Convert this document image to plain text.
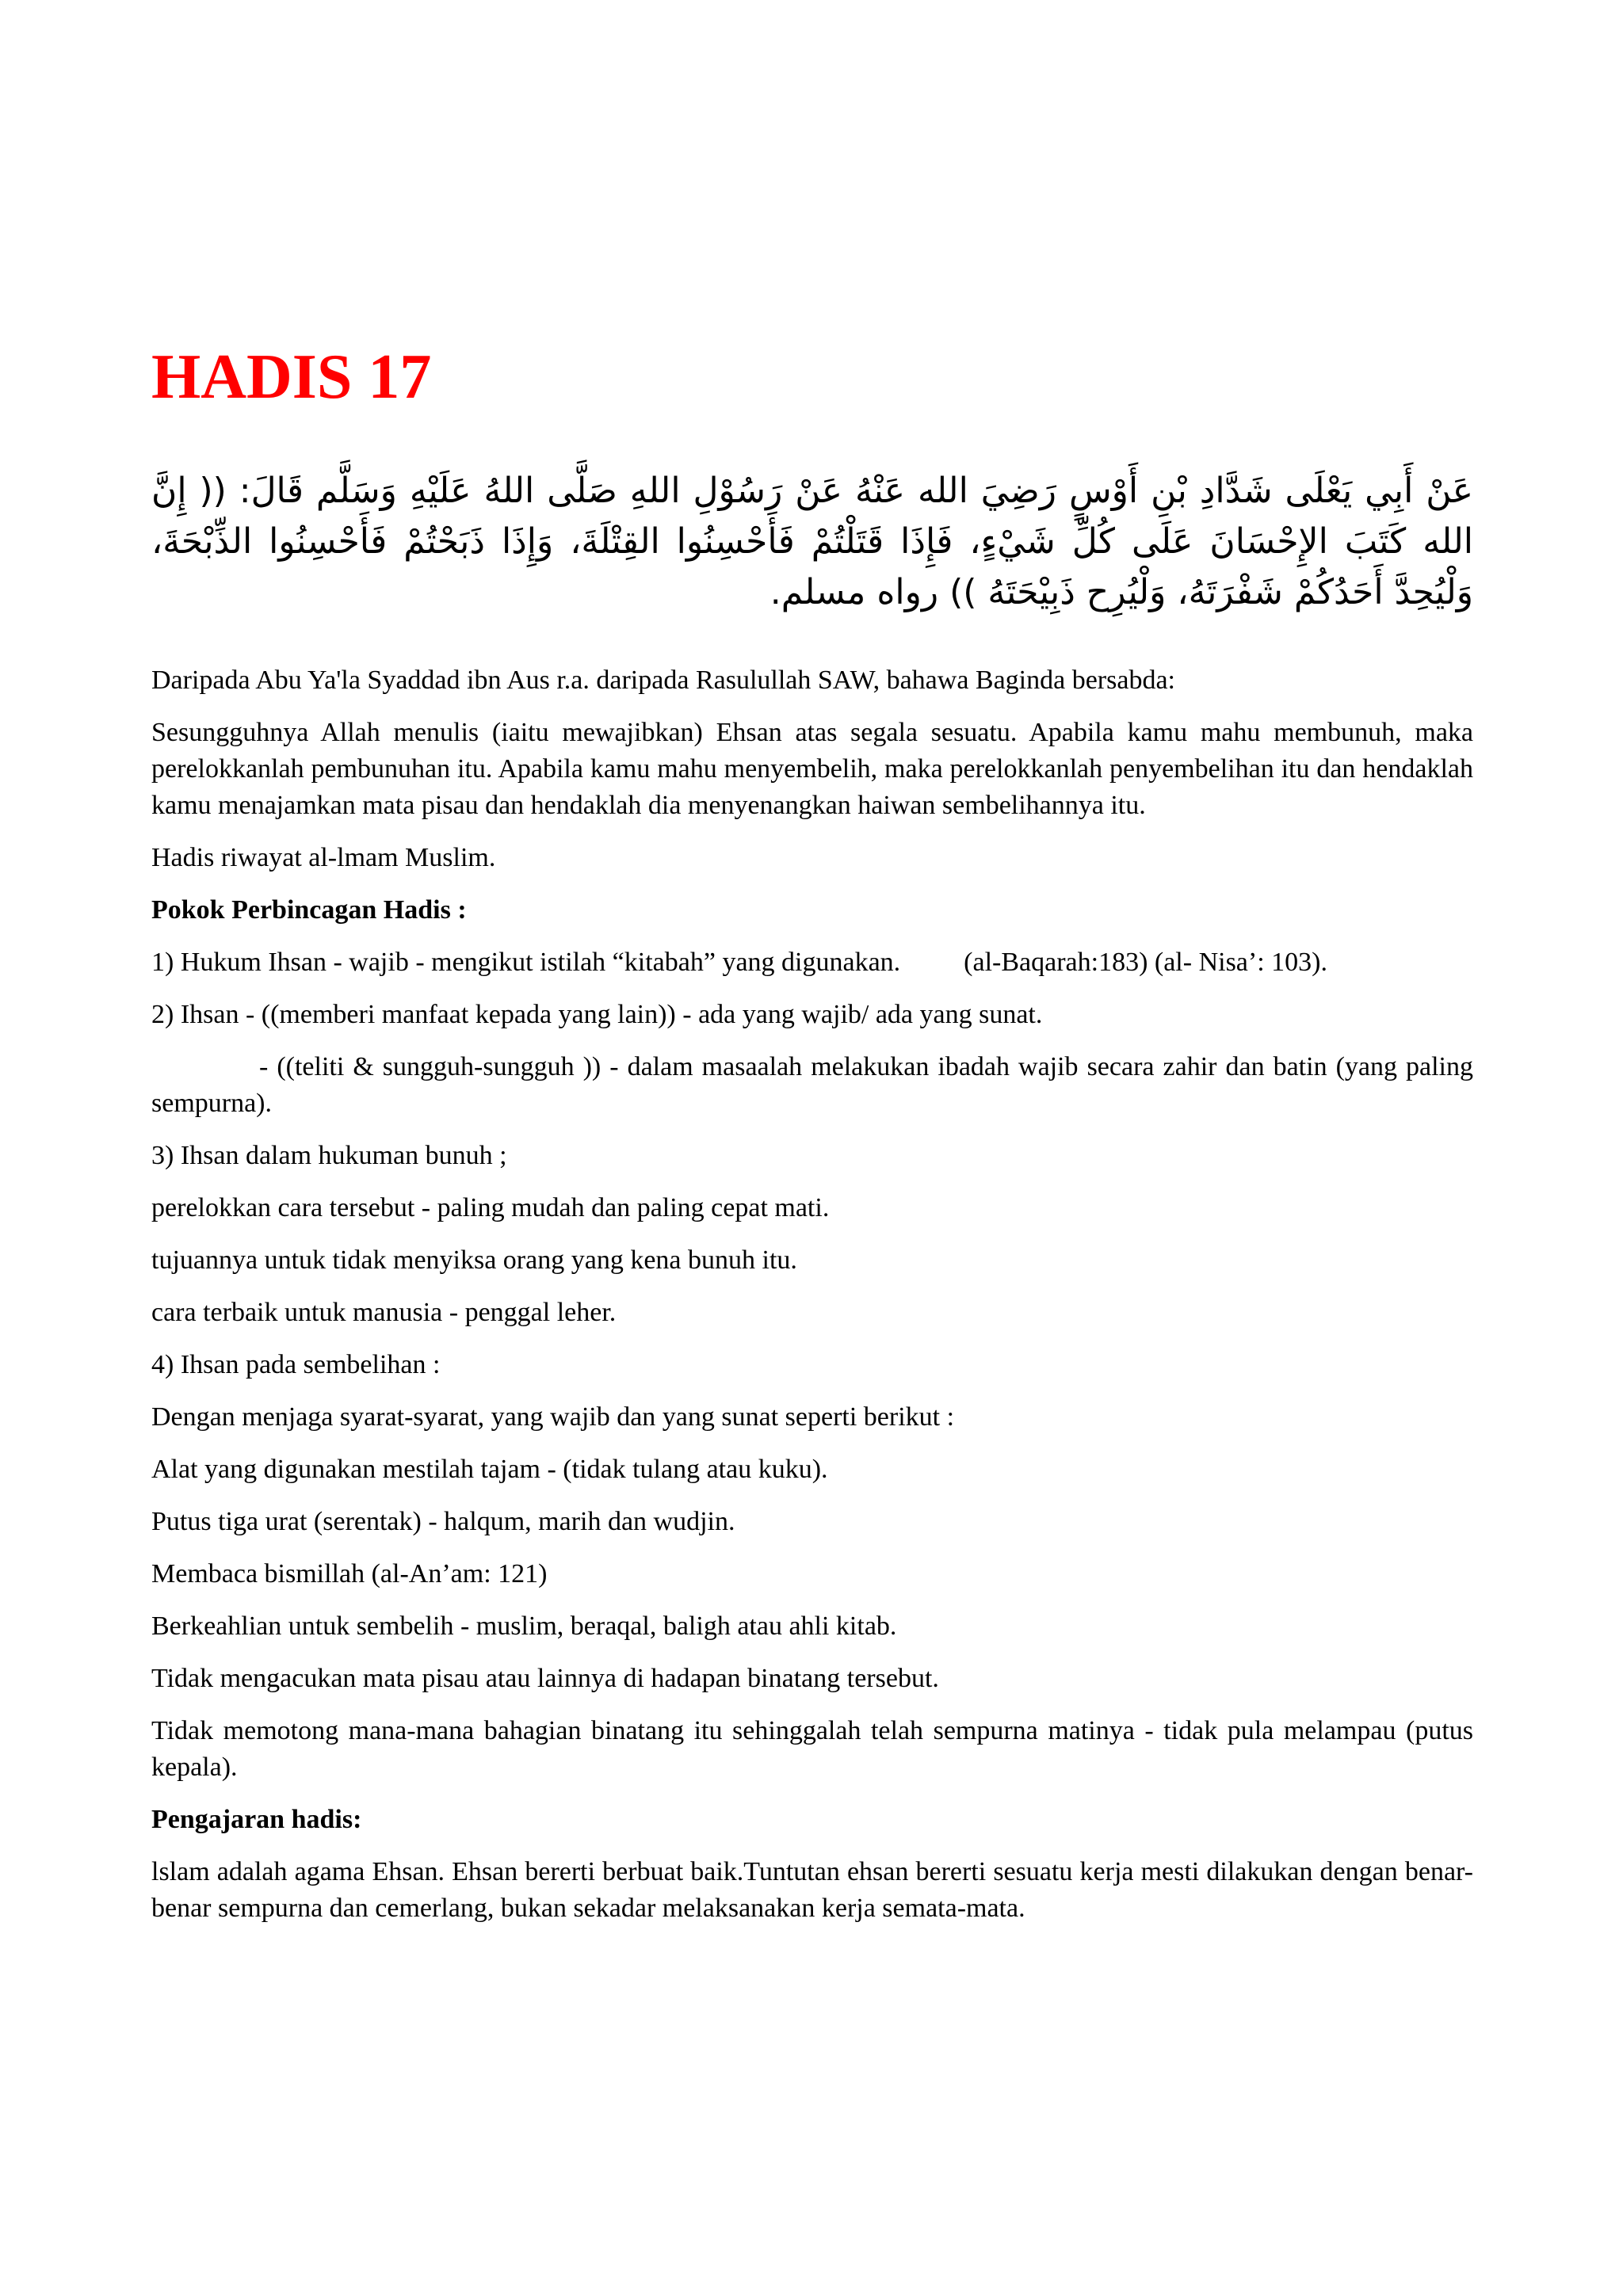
HADIS 17

عَنْ أَبِي يَعْلَى شَدَّادِ بْنِ أَوْسٍ رَضِيَ الله عَنْهُ عَنْ رَسُوْلِ اللهِ صَلَّى اللهُ عَلَيْهِ وَسَلَّم قَالَ: (( إِنَّ الله كَتَبَ الإِحْسَانَ عَلَى كُلِّ شَيْءٍ، فَإِذَا قَتَلْتُمْ فَأَحْسِنُوا القِتْلَةَ، وَإِذَا ذَبَحْتُمْ فَأَحْسِنُوا الذِّبْحَةَ، وَلْيُحِدَّ أَحَدُكُمْ شَفْرَتَهُ، وَلْيُرِح ذَبِيْحَتَهُ )) رواه مسلم.

Daripada Abu Ya'la Syaddad ibn Aus r.a. daripada Rasulullah SAW, bahawa Baginda bersabda:

Sesungguhnya Allah menulis (iaitu mewajibkan) Ehsan atas segala sesuatu. Apabila kamu mahu membunuh, maka perelokkanlah pembunuhan itu. Apabila kamu mahu menyembelih, maka perelokkanlah penyembelihan itu dan hendaklah kamu menajamkan mata pisau dan hendaklah dia menyenangkan haiwan sembelihannya itu.

Hadis riwayat al-lmam Muslim.

Pokok Perbincagan Hadis :

1) Hukum Ihsan - wajib - mengikut istilah “kitabah” yang digunakan. (al-Baqarah:183) (al- Nisa’: 103).

2) Ihsan - ((memberi manfaat kepada yang lain)) - ada yang wajib/ ada yang sunat.

- ((teliti & sungguh-sungguh )) - dalam masaalah melakukan ibadah wajib secara zahir dan batin (yang paling sempurna).

3) Ihsan dalam hukuman bunuh ;

perelokkan cara tersebut - paling mudah dan paling cepat mati.

tujuannya untuk tidak menyiksa orang yang kena bunuh itu.

cara terbaik untuk manusia - penggal leher.

4) Ihsan pada sembelihan :

Dengan menjaga syarat-syarat, yang wajib dan yang sunat seperti berikut :

Alat yang digunakan mestilah tajam - (tidak tulang atau kuku).

Putus tiga urat (serentak) - halqum, marih dan wudjin.

Membaca bismillah (al-An’am: 121)

Berkeahlian untuk sembelih - muslim, beraqal, baligh atau ahli kitab.

Tidak mengacukan mata pisau atau lainnya di hadapan binatang tersebut.

Tidak memotong mana-mana bahagian binatang itu sehinggalah telah sempurna matinya - tidak pula melampau (putus kepala).

Pengajaran hadis:

lslam adalah agama Ehsan. Ehsan bererti berbuat baik.Tuntutan ehsan bererti sesuatu kerja mesti dilakukan dengan benar-benar sempurna dan cemerlang, bukan sekadar melaksanakan kerja semata-mata.
